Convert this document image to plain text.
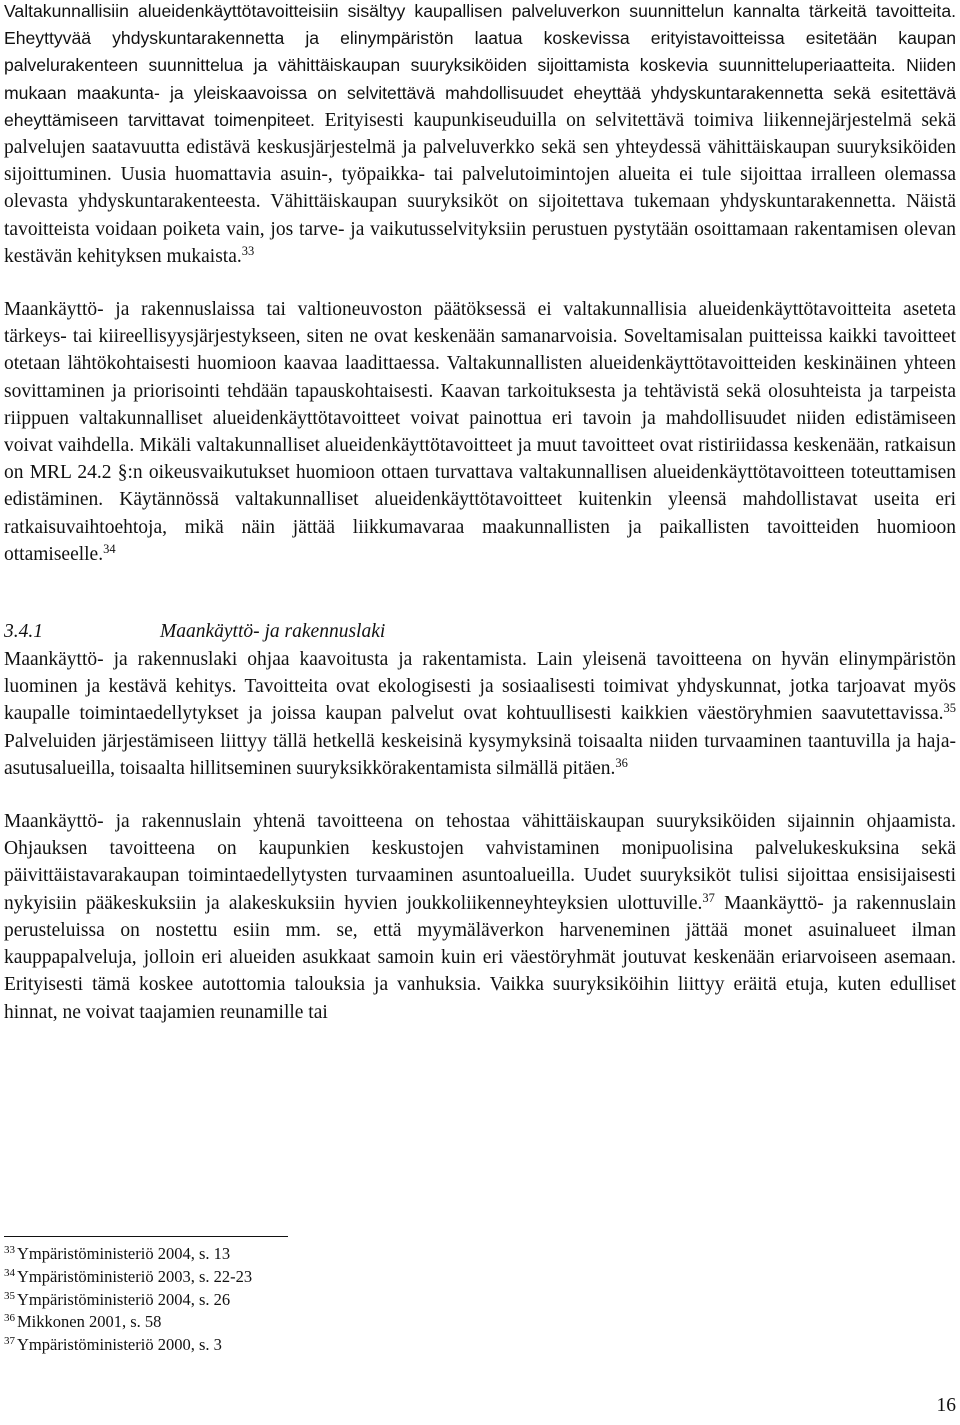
Valtakunnallisiin alueidenkäyttötavoitteisiin sisältyy kaupallisen palveluverkon suunnittelun kannalta tärkeitä tavoitteita. Eheyttyvää yhdyskuntarakennetta ja elinympäristön laatua koskevissa erityistavoitteissa esitetään kaupan palvelurakenteen suunnittelua ja vähittäiskaupan suuryksiköiden sijoittamista koskevia suunnitteluperiaatteita. Niiden mukaan maakunta- ja yleiskaavoissa on selvitettävä mahdollisuudet eheyttää yhdyskuntarakennetta sekä esitettävä eheyttämiseen tarvittavat toimenpiteet. Erityisesti kaupunkiseuduilla on selvitettävä toimiva liikennejärjestelmä sekä palvelujen saatavuutta edistävä keskusjärjestelmä ja palveluverkko sekä sen yhteydessä vähittäiskaupan suuryksiköiden sijoittuminen. Uusia huomattavia asuin-, työpaikka- tai palvelutoimintojen alueita ei tule sijoittaa irralleen olemassa olevasta yhdyskuntarakenteesta. Vähittäiskaupan suuryksiköt on sijoitettava tukemaan yhdyskuntarakennetta. Näistä tavoitteista voidaan poiketa vain, jos tarve- ja vaikutusselvityksiin perustuen pystytään osoittamaan rakentamisen olevan kestävän kehityksen mukaista.$^{33}$

Maankäyttö- ja rakennuslaissa tai valtioneuvoston päätöksessä ei valtakunnallisia alueidenkäyttötavoitteita aseteta tärkeys- tai kiireellisyysjärjestykseen, siten ne ovat keskenään samanarvoisia. Soveltamisalan puitteissa kaikki tavoitteet otetaan lähtökohtaisesti huomioon kaavaa laadittaessa. Valtakunnallisten alueidenkäyttötavoitteiden keskinäinen yhteen sovittaminen ja priorisointi tehdään tapauskohtaisesti. Kaavan tarkoituksesta ja tehtävistä sekä olosuhteista ja tarpeista riippuen valtakunnalliset alueidenkäyttötavoitteet voivat painottua eri tavoin ja mahdollisuudet niiden edistämiseen voivat vaihdella. Mikäli valtakunnalliset alueidenkäyttötavoitteet ja muut tavoitteet ovat ristiriidassa keskenään, ratkaisun on MRL 24.2 §:n oikeusvaikutukset huomioon ottaen turvattava valtakunnallisen alueidenkäyttötavoitteen toteuttamisen edistäminen. Käytännössä valtakunnalliset alueidenkäyttötavoitteet kuitenkin yleensä mahdollistavat useita eri ratkaisuvaihtoehtoja, mikä näin jättää liikkumavaraa maakunnallisten ja paikallisten tavoitteiden huomioon ottamiseelle.$^{34}$

3.4.1	Maankäyttö- ja rakennuslaki

Maankäyttö- ja rakennuslaki ohjaa kaavoitusta ja rakentamista. Lain yleisenä tavoitteena on hyvän elinympäristön luominen ja kestävä kehitys. Tavoitteita ovat ekologisesti ja sosiaalisesti toimivat yhdyskunnat, jotka tarjoavat myös kaupalle toimintaedellytykset ja joissa kaupan palvelut ovat kohtuullisesti kaikkien väestöryhmien saavutettavissa.$^{35}$ Palveluiden järjestämiseen liittyy tällä hetkellä keskeisinä kysymyksinä toisaalta niiden turvaaminen taantuvilla ja haja-asutusalueilla, toisaalta hillitseminen suuryksikkörakentamista silmällä pitäen.$^{36}$

Maankäyttö- ja rakennuslain yhtenä tavoitteena on tehostaa vähittäiskaupan suuryksiköiden sijainnin ohjaamista. Ohjauksen tavoitteena on kaupunkien keskustojen vahvistaminen monipuolisina palvelukeskuksina sekä päivittäistavarakaupan toimintaedellytysten turvaaminen asuntoalueilla. Uudet suuryksiköt tulisi sijoittaa ensisijaisesti nykyisiin pääkeskuksiin ja alakeskuksiin hyvien joukkoliikenneyhteyksien ulottuville.$^{37}$ Maankäyttö- ja rakennuslain perusteluissa on nostettu esiin mm. se, että myymäläverkon harveneminen jättää monet asuinalueet ilman kauppapalveluja, jolloin eri alueiden asukkaat samoin kuin eri väestöryhmät joutuvat keskenään eriarvoiseen asemaan. Erityisesti tämä koskee autottomia talouksia ja vanhuksia. Vaikka suuryksiköihin liittyy eräitä etuja, kuten edulliset hinnat, ne voivat taajamien reunamille tai

$^{33}$ Ympäristöministeriö 2004, s. 13

$^{34}$ Ympäristöministeriö 2003, s. 22-23

$^{35}$ Ympäristöministeriö 2004, s. 26

$^{36}$ Mikkonen 2001, s. 58

$^{37}$ Ympäristöministeriö 2000, s. 3

16
